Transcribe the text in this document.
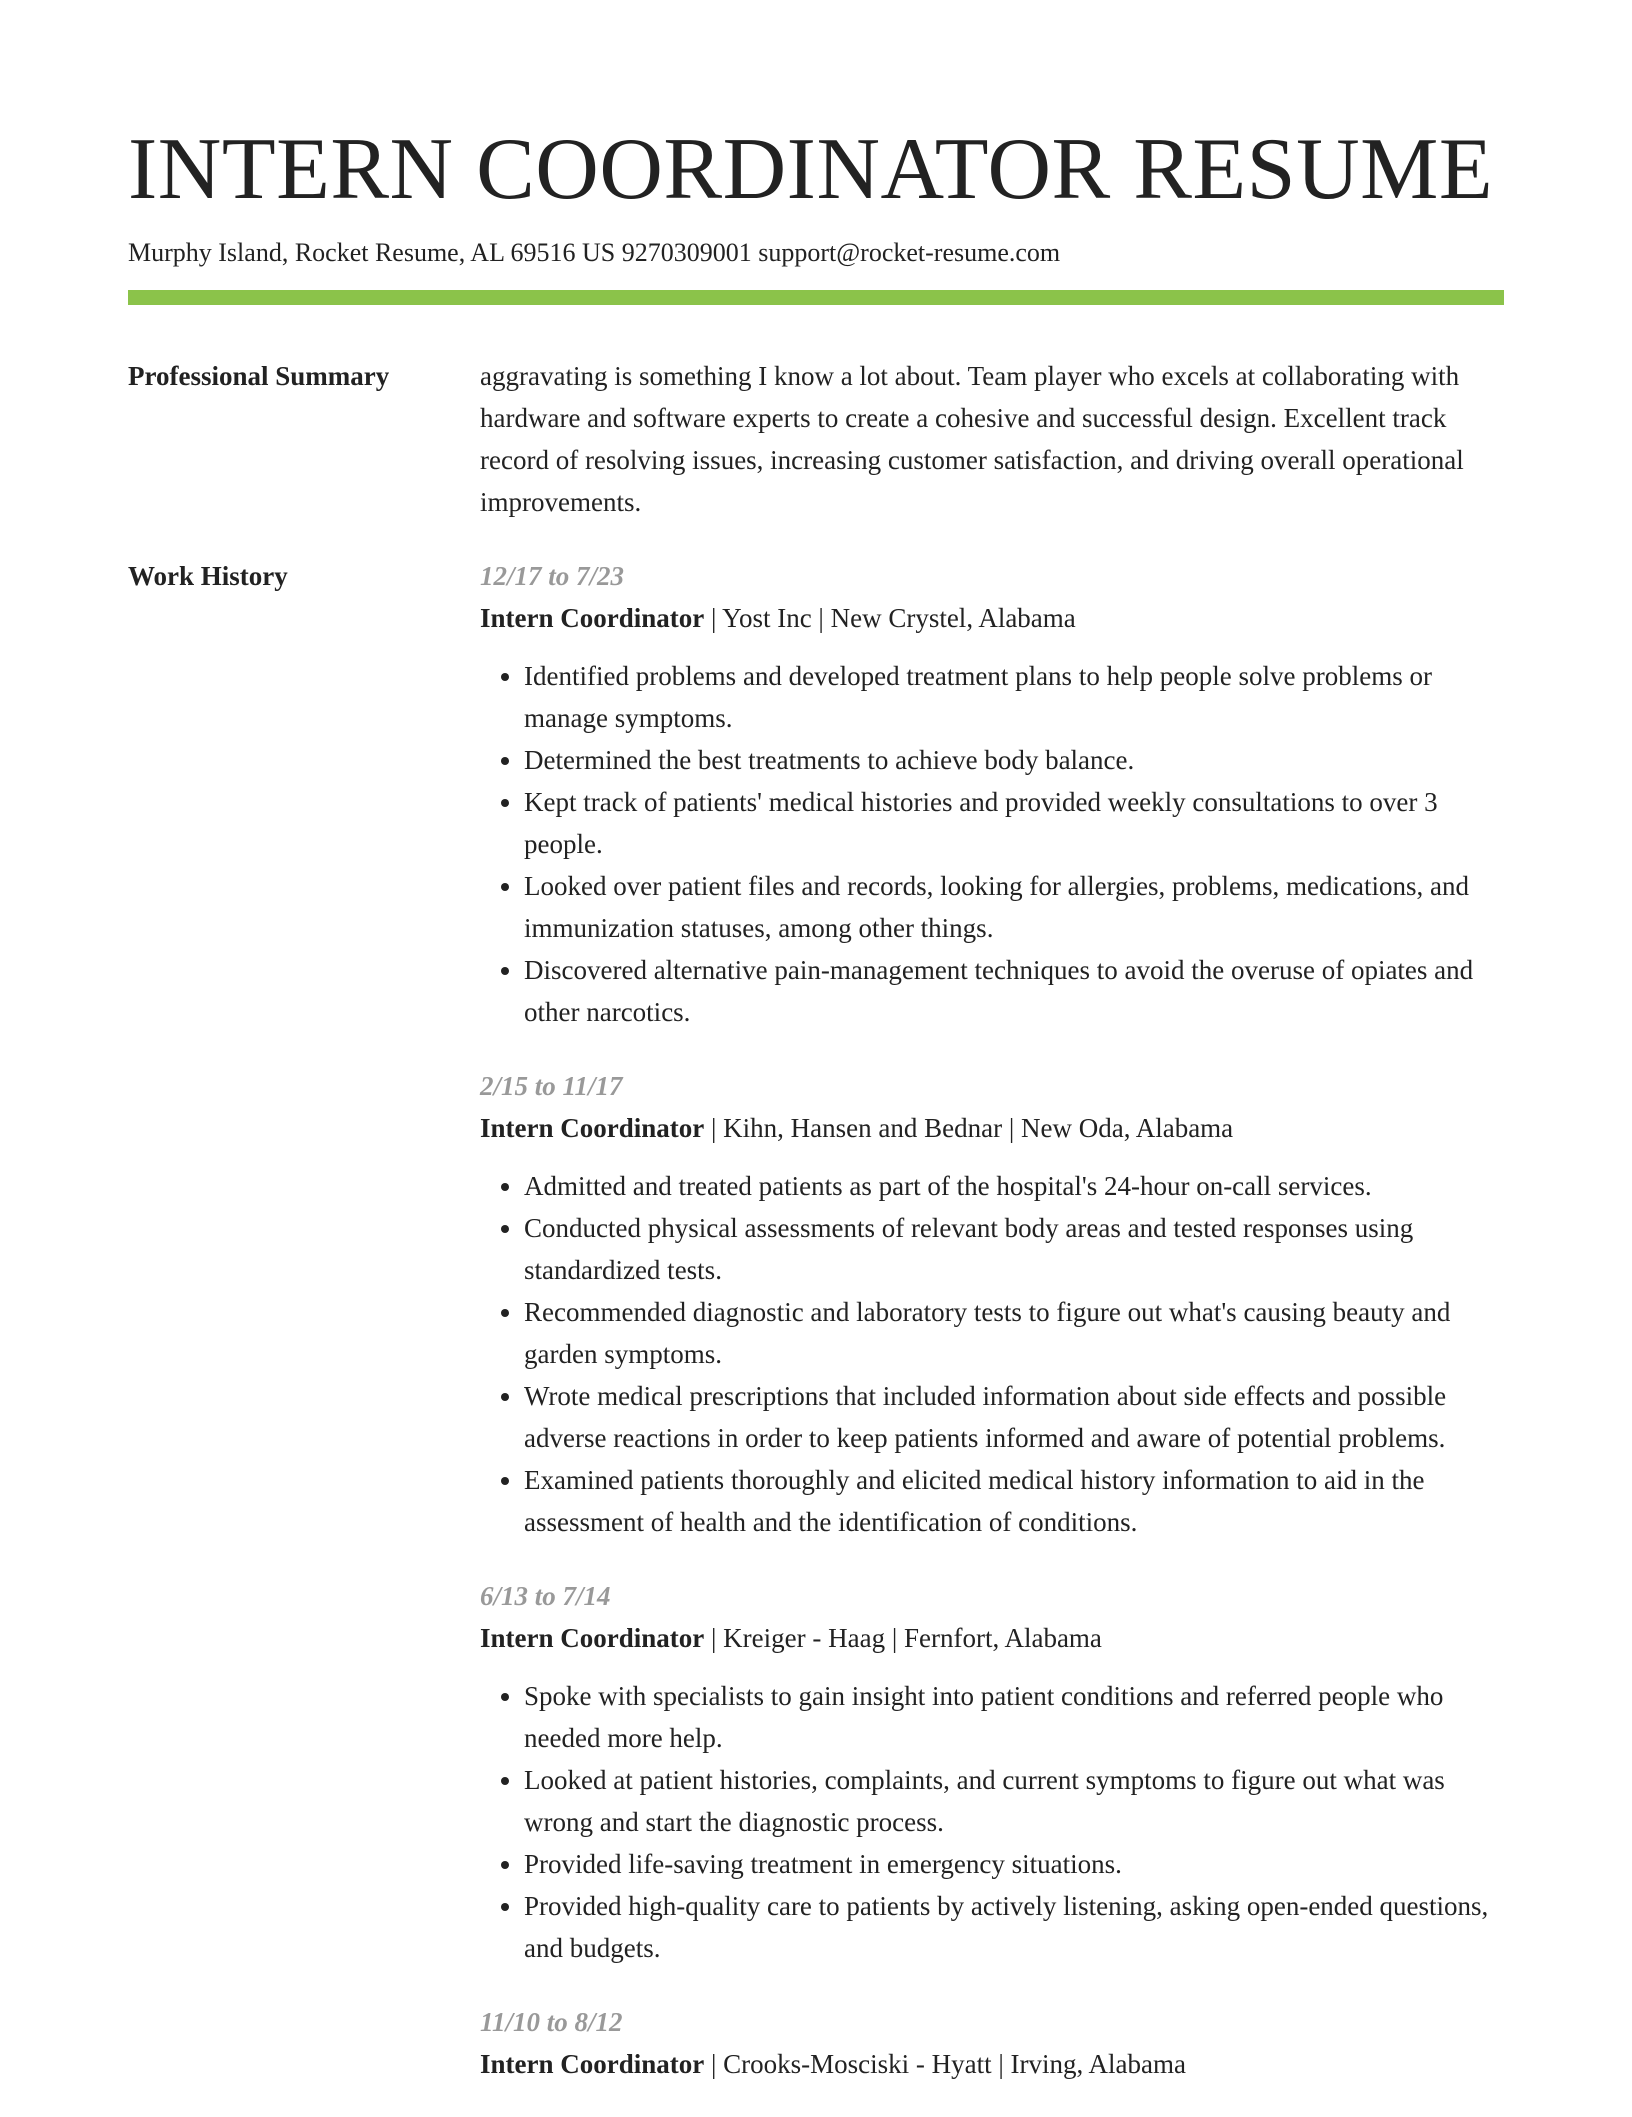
INTERN COORDINATOR RESUME
Murphy Island, Rocket Resume, AL 69516 US 9270309001 support@rocket-resume.com
Professional Summary	aggravating is something I know a lot about. Team player who excels at collaborating with hardware and software experts to create a cohesive and successful design. Excellent track record of resolving issues, increasing customer satisfaction, and driving overall operational improvements.

Work History	12/17 to 7/23
Intern Coordinator | Yost Inc | New Crystel, Alabama
• Identified problems and developed treatment plans to help people solve problems or manage symptoms.
• Determined the best treatments to achieve body balance.
• Kept track of patients' medical histories and provided weekly consultations to over 3 people.
• Looked over patient files and records, looking for allergies, problems, medications, and immunization statuses, among other things.
• Discovered alternative pain-management techniques to avoid the overuse of opiates and other narcotics.
2/15 to 11/17
Intern Coordinator | Kihn, Hansen and Bednar | New Oda, Alabama
• Admitted and treated patients as part of the hospital's 24-hour on-call services.
• Conducted physical assessments of relevant body areas and tested responses using standardized tests.
• Recommended diagnostic and laboratory tests to figure out what's causing beauty and garden symptoms.
• Wrote medical prescriptions that included information about side effects and possible adverse reactions in order to keep patients informed and aware of potential problems.
• Examined patients thoroughly and elicited medical history information to aid in the assessment of health and the identification of conditions.
6/13 to 7/14
Intern Coordinator | Kreiger - Haag | Fernfort, Alabama
• Spoke with specialists to gain insight into patient conditions and referred people who needed more help.
• Looked at patient histories, complaints, and current symptoms to figure out what was wrong and start the diagnostic process.
• Provided life-saving treatment in emergency situations.
• Provided high-quality care to patients by actively listening, asking open-ended questions, and budgets.
11/10 to 8/12
Intern Coordinator | Crooks-Mosciski - Hyatt | Irving, Alabama
